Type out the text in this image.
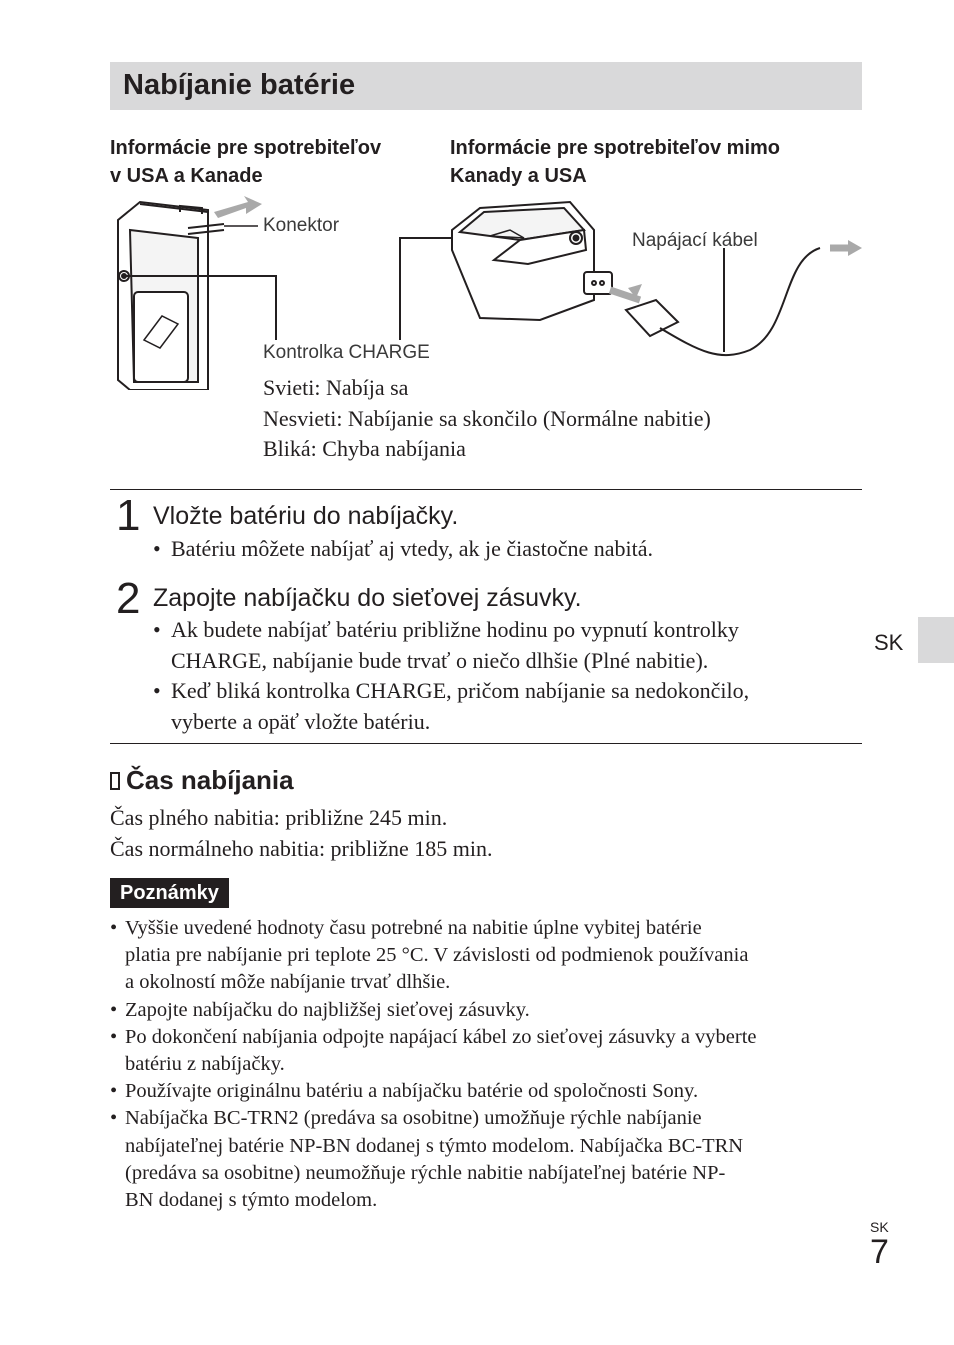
Nabíjanie batérie
Informácie pre spotrebiteľov
v USA a Kanade
Informácie pre spotrebiteľov mimo
Kanady a USA
Konektor
Napájací kábel
Kontrolka CHARGE
Svieti: Nabíja sa
Nesvieti: Nabíjanie sa skončilo (Normálne nabitie)
Bliká: Chyba nabíjania
1 Vložte batériu do nabíjačky.
• Batériu môžete nabíjať aj vtedy, ak je čiastočne nabitá.
2 Zapojte nabíjačku do sieťovej zásuvky.
• Ak budete nabíjať batériu približne hodinu po vypnutí kontrolky
CHARGE, nabíjanie bude trvať o niečo dlhšie (Plné nabitie).
• Keď bliká kontrolka CHARGE, pričom nabíjanie sa nedokončilo,
vyberte a opäť vložte batériu.
SK
Čas nabíjania
Čas plného nabitia: približne 245 min.
Čas normálneho nabitia: približne 185 min.
Poznámky
• Vyššie uvedené hodnoty času potrebné na nabitie úplne vybitej batérie
platia pre nabíjanie pri teplote 25 °C. V závislosti od podmienok používania
a okolností môže nabíjanie trvať dlhšie.
• Zapojte nabíjačku do najbližšej sieťovej zásuvky.
• Po dokončení nabíjania odpojte napájací kábel zo sieťovej zásuvky a vyberte
batériu z nabíjačky.
• Používajte originálnu batériu a nabíjačku batérie od spoločnosti Sony.
• Nabíjačka BC-TRN2 (predáva sa osobitne) umožňuje rýchle nabíjanie
nabíjateľnej batérie NP-BN dodanej s týmto modelom. Nabíjačka BC-TRN
(predáva sa osobitne) neumožňuje rýchle nabitie nabíjateľnej batérie NP-
BN dodanej s týmto modelom.
SK
7
